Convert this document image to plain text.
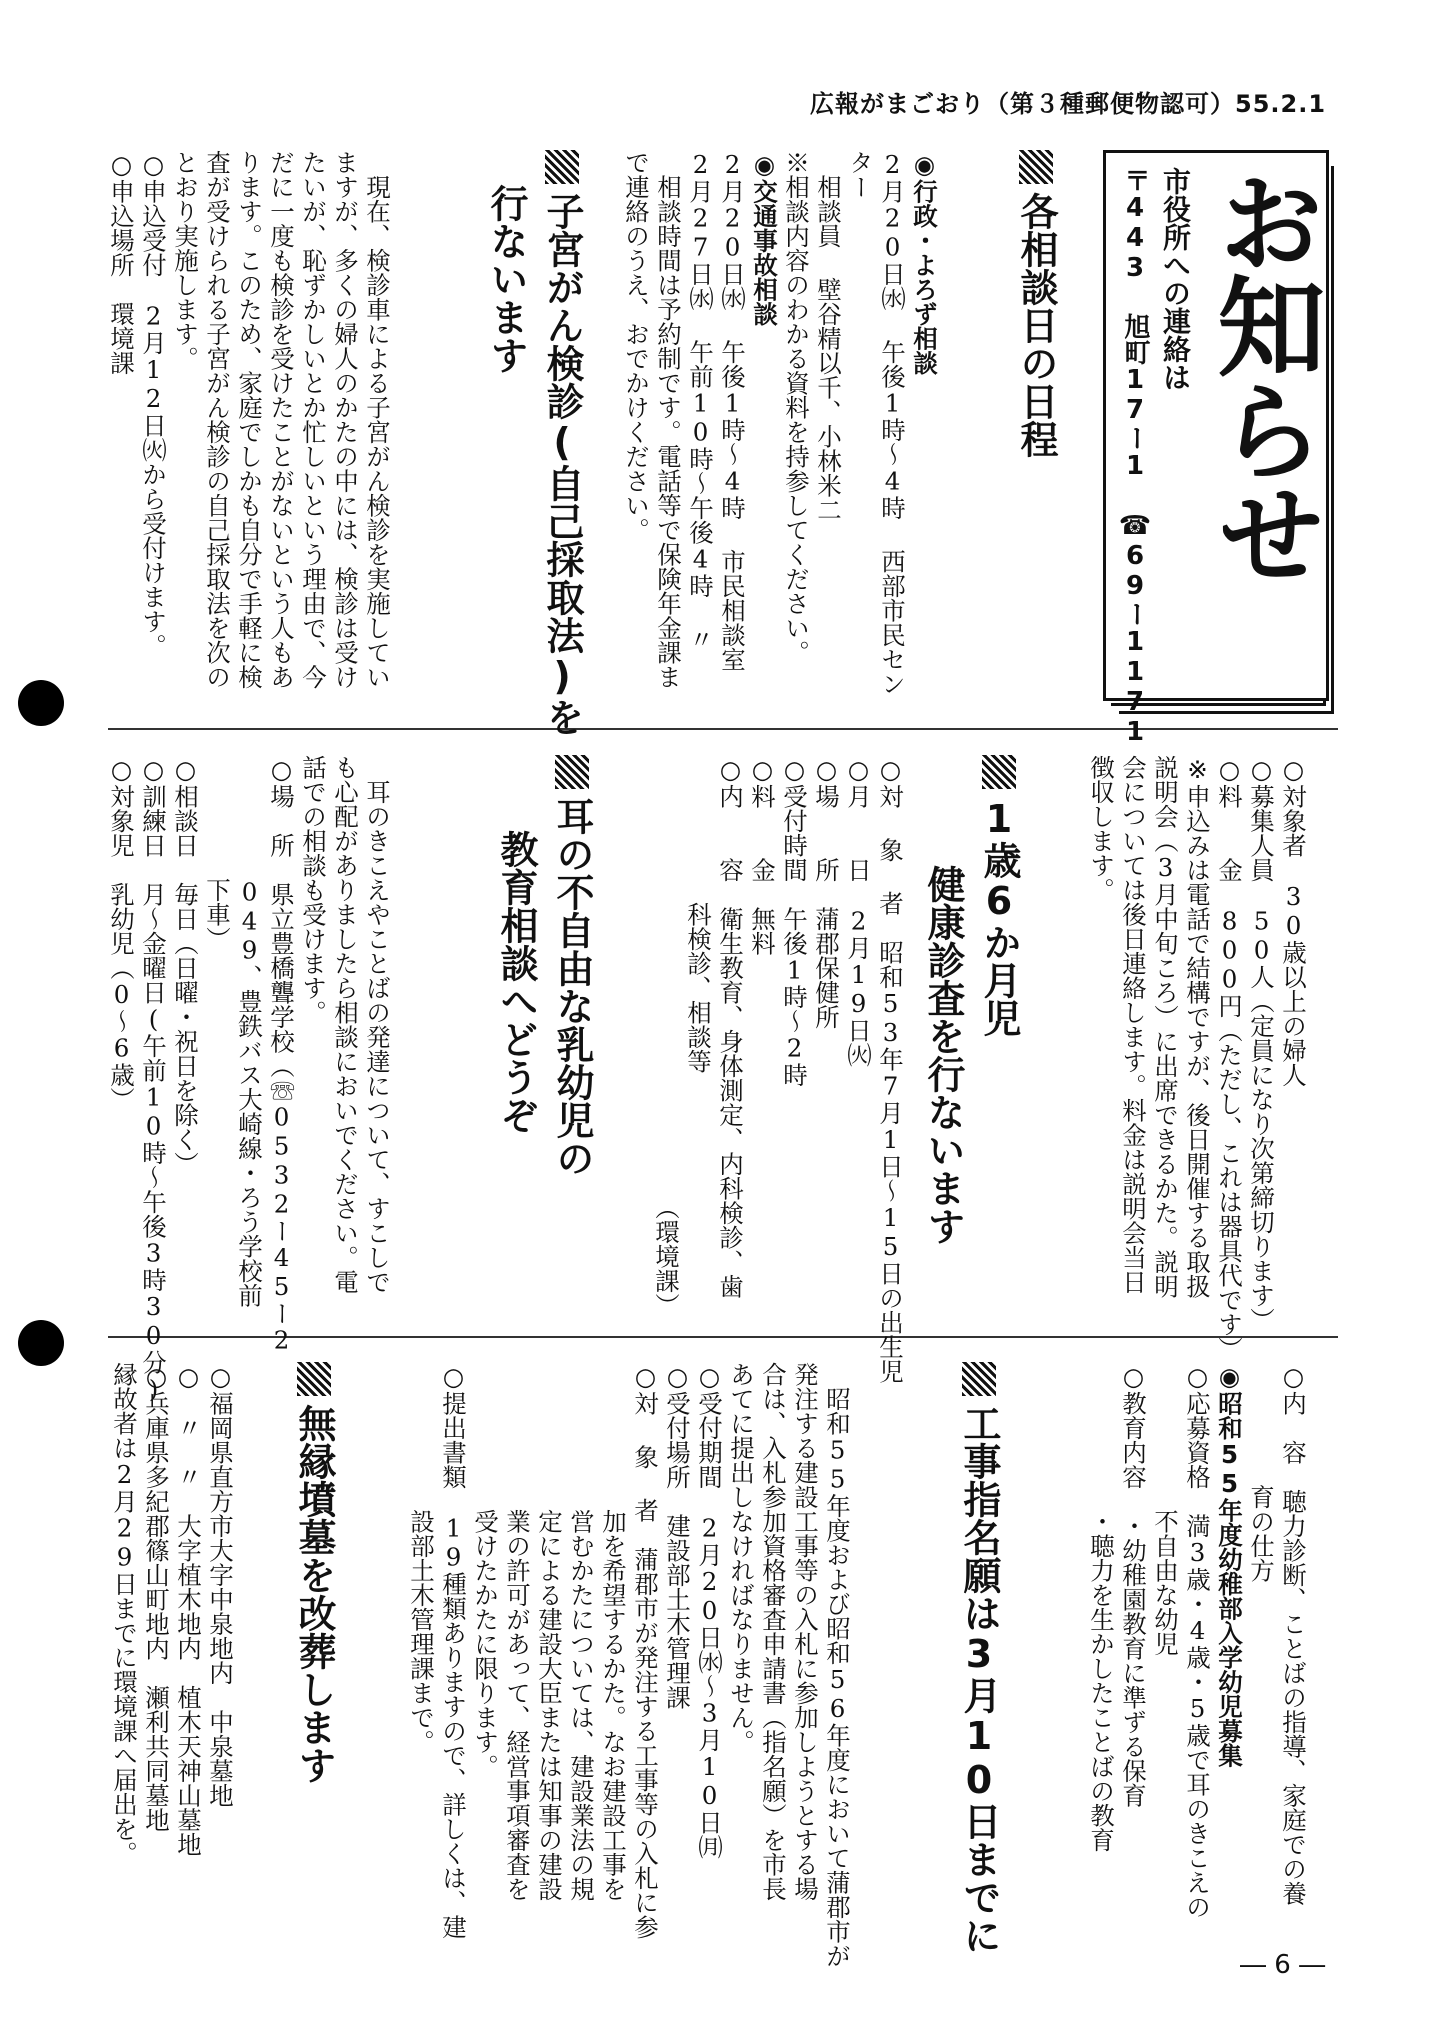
広報がまごおり（第３種郵便物認可）55.2.1
お知らせ
市役所への連絡は
〒443 旭町17ー1 ☎69ー1171
各相談日の日程
◉行政・よろず相談
2月20日㈬ 午後1時〜4時 西部市民センター
　相談員 壁谷精以千、小林米二
※相談内容のわかる資料を持参してください。
◉交通事故相談
2月20日㈬ 午後1時〜4時 市民相談室
2月27日㈬ 午前10時〜午後4時 〃
　相談時間は予約制です。電話等で保険年金課ま
で連絡のうえ、おでかけください。
子宮がん検診(自己採取法)を
行ないます
　現在、検診車による子宮がん検診を実施してい
ますが、多くの婦人のかたの中には、検診は受け
たいが、恥ずかしいとか忙しいという理由で、今
だに一度も検診を受けたことがないという人もあ
ります。このため、家庭でしかも自分で手軽に検
査が受けられる子宮がん検診の自己採取法を次の
とおり実施します。
○申込受付　2月12日㈫から受付けます。
○申込場所　環境課
○対象者　30歳以上の婦人
○募集人員　50人（定員になり次第締切ります）
○料　　金　800円（ただし、これは器具代です）
※申込みは電話で結構ですが、後日開催する取扱
説明会（3月中旬ころ）に出席できるかた。説明
会については後日連絡します。料金は説明会当日
徴収します。
1歳6か月児
健康診査を行ないます
○対 象 者　昭和53年7月1日〜15日の出生児
○月　　日　2月19日㈫
○場　　所　蒲郡保健所
○受付時間　午後1時〜2時
○料　　金　無料
○内　　容　衛生教育、身体測定、内科検診、歯
　　　　　　科検診、相談等
（環境課）
耳の不自由な乳幼児の
教育相談へどうぞ
　耳のきこえやことばの発達について、すこしで
も心配がありましたら相談においでください。電
話での相談も受けます。
○場　所　県立豊橋聾学校（☏0532ー45ー2
　　　　　049、豊鉄バス大崎線・ろう学校前
　　　　　下車）
○相談日　毎日（日曜・祝日を除く）
○訓練日　月〜金曜日(午前10時〜午後3時30分)
○対象児　乳幼児（0〜6歳）
○内　容　聴力診断、ことばの指導、家庭での養
　　　　　育の仕方
◉昭和55年度幼稚部入学幼児募集
○応募資格　満3歳・4歳・5歳で耳のきこえの
　　　　　　不自由な幼児
○教育内容　・幼稚園教育に準ずる保育
　　　　　　・聴力を生かしたことばの教育
工事指名願は3月10日までに
　昭和55年度および昭和56年度において蒲郡市が
発注する建設工事等の入札に参加しようとする場
合は、入札参加資格審査申請書（指名願）を市長
あてに提出しなければなりません。
○受付期間　2月20日㈬〜3月10日㈪
○受付場所　建設部土木管理課
○対 象 者　蒲郡市が発注する工事等の入札に参
　　　　　　加を希望するかた。なお建設工事を
　　　　　　営むかたについては、建設業法の規
　　　　　　定による建設大臣または知事の建設
　　　　　　業の許可があって、経営事項審査を
　　　　　　受けたかたに限ります。
○提出書類　19種類ありますので、詳しくは、建
　　　　　　設部土木管理課まで。
無縁墳墓を改葬します
○福岡県直方市大字中泉地内　中泉墓地
○　〃　〃　大字植木地内　植木天神山墓地
○兵庫県多紀郡篠山町地内　瀬利共同墓地
縁故者は2月29日までに環境課へ届出を。
― 6 ―
